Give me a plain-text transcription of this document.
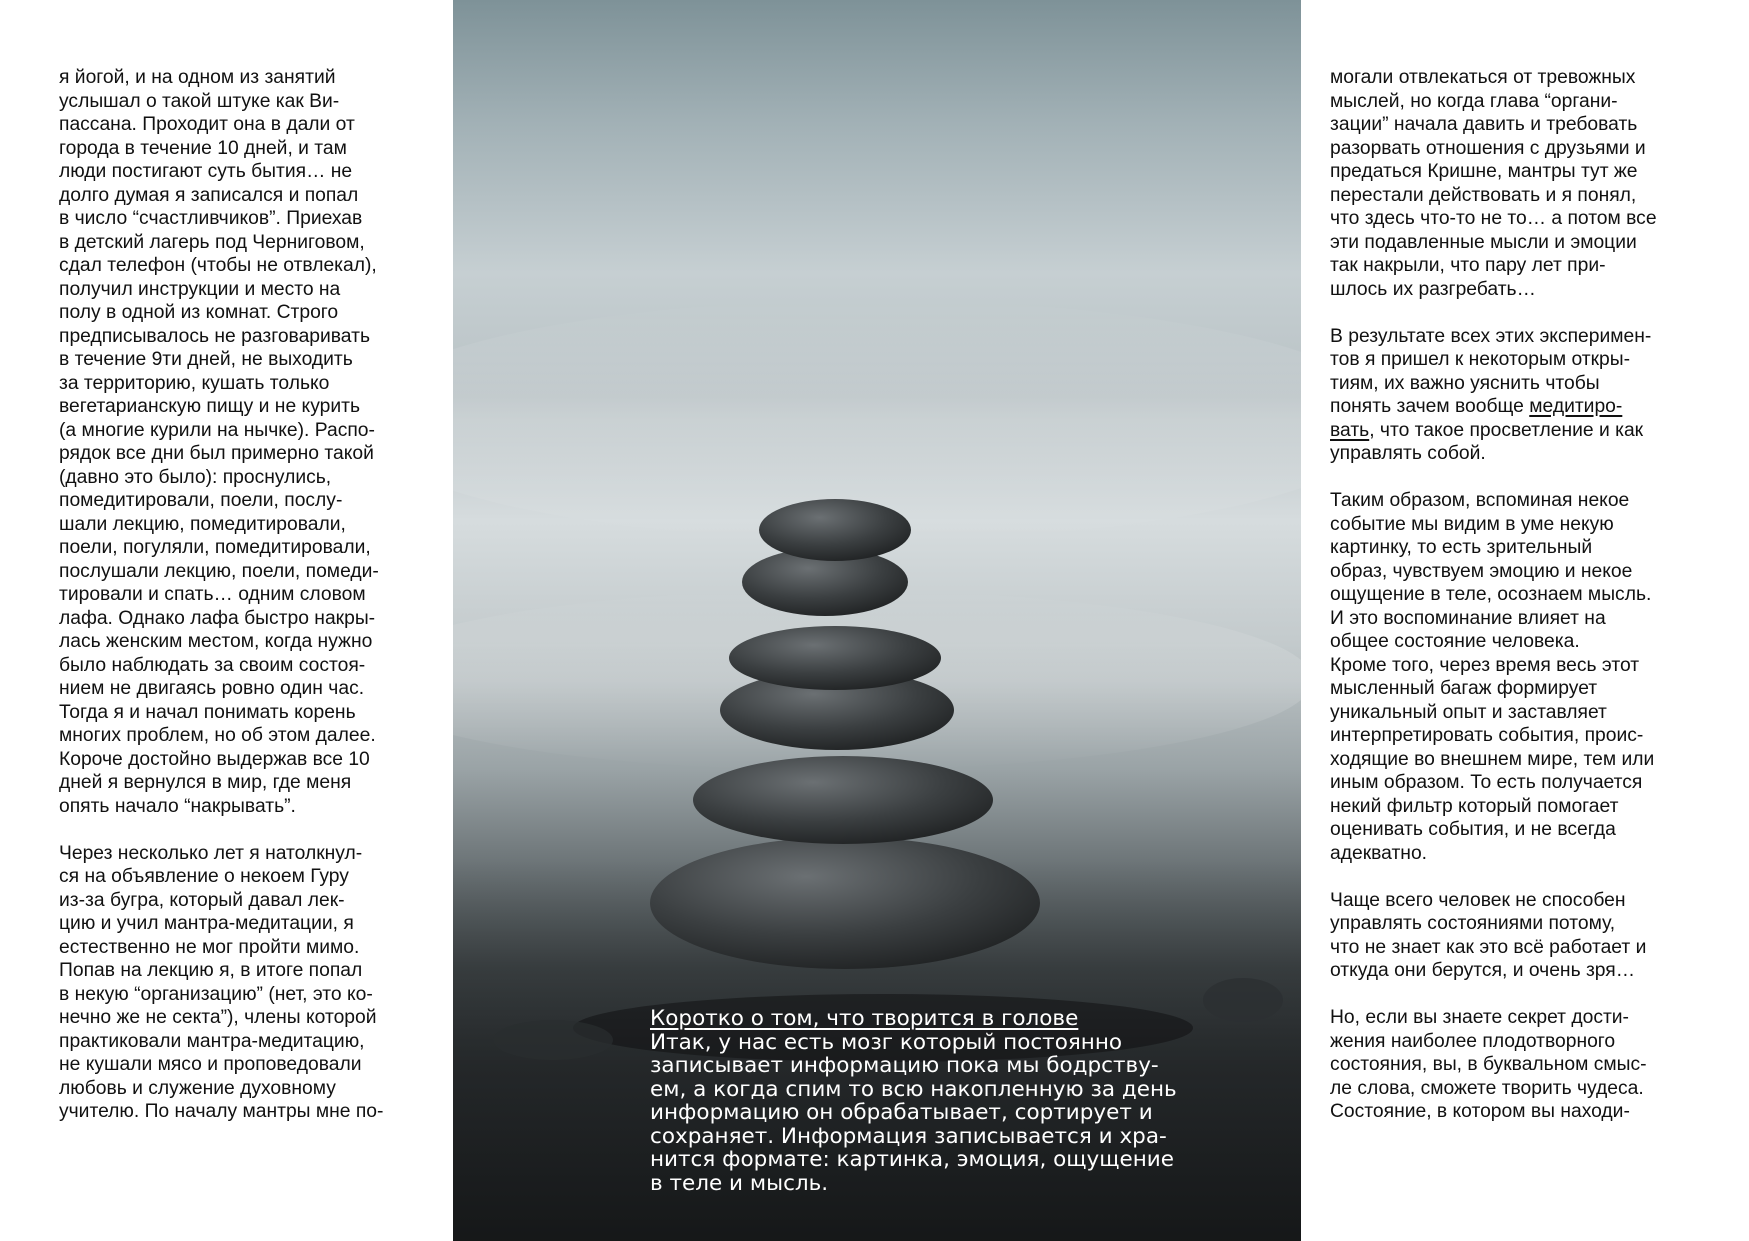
я йогой, и на одном из занятий
услышал о такой штуке как Ви-
пассана. Проходит она в дали от
города в течение 10 дней, и там
люди постигают суть бытия… не
долго думая я записался и попал
в число “счастливчиков”. Приехав
в детский лагерь под Черниговом,
сдал телефон (чтобы не отвлекал),
получил инструкции и место на
полу в одной из комнат. Строго
предписывалось не разговаривать
в течение 9ти дней, не выходить
за территорию, кушать только
вегетарианскую пищу и не курить
(а многие курили на нычке). Распо-
рядок все дни был примерно такой
(давно это было): проснулись,
помедитировали, поели, послу-
шали лекцию, помедитировали,
поели, погуляли, помедитировали,
послушали лекцию, поели, помеди-
тировали и спать… одним словом
лафа. Однако лафа быстро накры-
лась женским местом, когда нужно
было наблюдать за своим состоя-
нием не двигаясь ровно один час.
Тогда я и начал понимать корень
многих проблем, но об этом далее.
Короче достойно выдержав все 10
дней я вернулся в мир, где меня
опять начало “накрывать”.

Через несколько лет я натолкнул-
ся на объявление о некоем Гуру
из-за бугра, который давал лек-
цию и учил мантра-медитации, я
естественно не мог пройти мимо.
Попав на лекцию я, в итоге попал
в некую “организацию” (нет, это ко-
нечно же не секта”), члены которой
практиковали мантра-медитацию,
не кушали мясо и проповедовали
любовь и служение духовному
учителю. По началу мантры мне по-

Коротко о том, что творится в голове
Итак, у нас есть мозг который постоянно
записывает информацию пока мы бодрству-
ем, а когда спим то всю накопленную за день
информацию он обрабатывает, сортирует и
сохраняет. Информация записывается и хра-
нится формате: картинка, эмоция, ощущение
в теле и мысль.

могали отвлекаться от тревожных
мыслей, но когда глава “органи-
зации” начала давить и требовать
разорвать отношения с друзьями и
предаться Кришне, мантры тут же
перестали действовать и я понял,
что здесь что-то не то… а потом все
эти подавленные мысли и эмоции
так накрыли, что пару лет при-
шлось их разгребать…

В результате всех этих эксперимен-
тов я пришел к некоторым откры-
тиям, их важно уяснить чтобы
понять зачем вообще медитиро-
вать, что такое просветление и как
управлять собой.

Таким образом, вспоминая некое
событие мы видим в уме некую
картинку, то есть зрительный
образ, чувствуем эмоцию и некое
ощущение в теле, осознаем мысль.
И это воспоминание влияет на
общее состояние человека.
Кроме того, через время весь этот
мысленный багаж формирует
уникальный опыт и заставляет
интерпретировать события, проис-
ходящие во внешнем мире, тем или
иным образом. То есть получается
некий фильтр который помогает
оценивать события, и не всегда
адекватно.

Чаще всего человек не способен
управлять состояниями потому,
что не знает как это всё работает и
откуда они берутся, и очень зря…

Но, если вы знаете секрет дости-
жения наиболее плодотворного
состояния, вы, в буквальном смыс-
ле слова, сможете творить чудеса.
Состояние, в котором вы находи-
